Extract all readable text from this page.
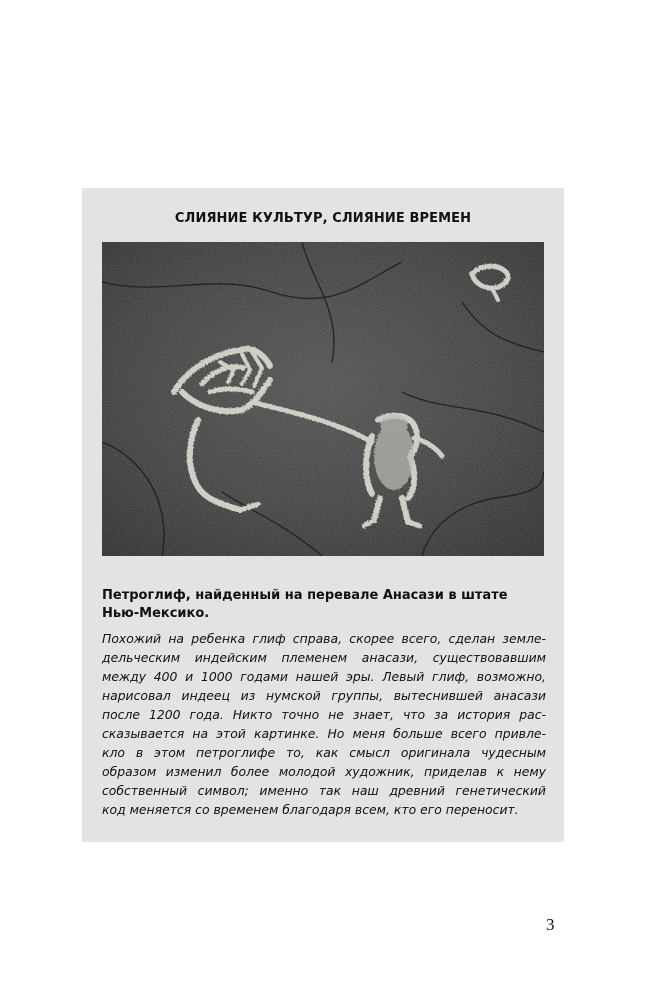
СЛИЯНИЕ КУЛЬТУР, СЛИЯНИЕ ВРЕМЕН
Петроглиф, найденный на перевале Анасази в штате Нью-Мексико.
Похожий на ребенка глиф справа, скорее всего, сделан земле-
дельческим индейским племенем анасази, существовавшим
между 400 и 1000 годами нашей эры. Левый глиф, возможно,
нарисовал индеец из нумской группы, вытеснившей анасази
после 1200 года. Никто точно не знает, что за история рас-
сказывается на этой картинке. Но меня больше всего привле-
кло в этом петроглифе то, как смысл оригинала чудесным
образом изменил более молодой художник, приделав к нему
собственный символ; именно так наш древний генетический
код меняется со временем благодаря всем, кто его переносит.
3
